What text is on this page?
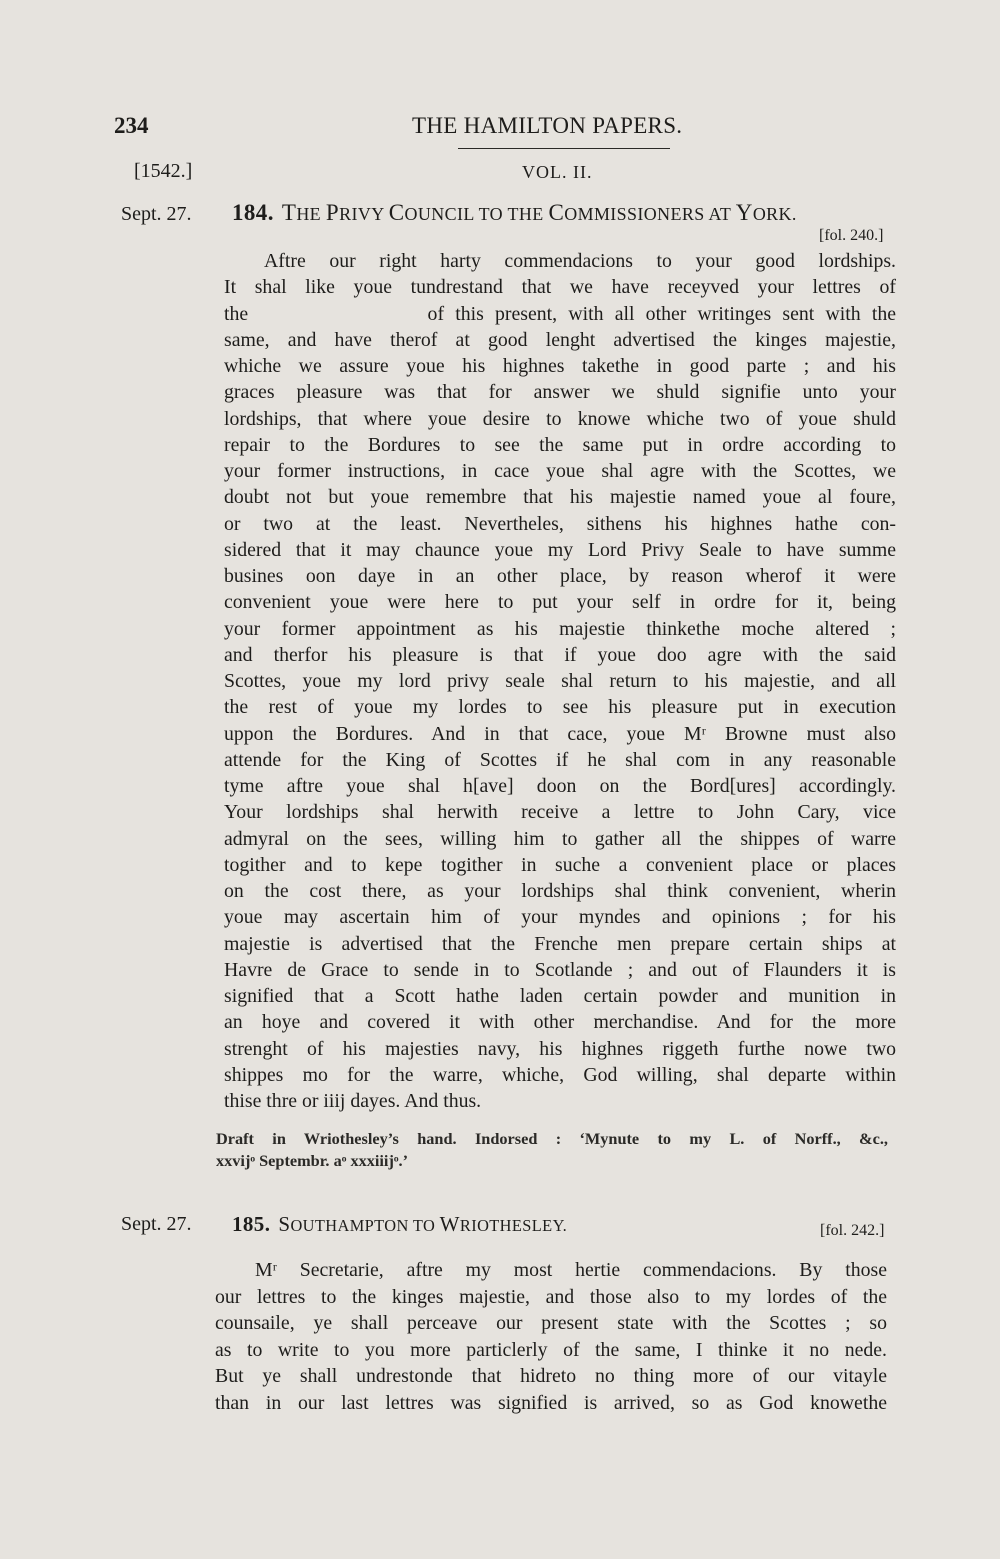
234	THE HAMILTON PAPERS.
[1542.]	VOL. II.
Sept. 27. 184. THE PRIVY COUNCIL TO THE COMMISSIONERS AT YORK.
[fol. 240.]
Aftre our right harty commendacions to your good lordships.
It shal like youe tundrestand that we have receyved your lettres of
the                of this present, with all other writinges sent with the
same, and have therof at good lenght advertised the kinges majestie,
whiche we assure youe his highnes takethe in good parte ; and his
graces pleasure was that for answer we shuld signifie unto your
lordships, that where youe desire to knowe whiche two of youe shuld
repair to the Bordures to see the same put in ordre according to
your former instructions, in cace youe shal agre with the Scottes, we
doubt not but youe remembre that his majestie named youe al foure,
or two at the least. Nevertheles, sithens his highnes hathe con-
sidered that it may chaunce youe my Lord Privy Seale to have summe
busines oon daye in an other place, by reason wherof it were
convenient youe were here to put your self in ordre for it, being
your former appointment as his majestie thinkethe moche altered ;
and therfor his pleasure is that if youe doo agre with the said
Scottes, youe my lord privy seale shal return to his majestie, and all
the rest of youe my lordes to see his pleasure put in execution
uppon the Bordures. And in that cace, youe Mʳ Browne must also
attende for the King of Scottes if he shal com in any reasonable
tyme aftre youe shal h[ave] doon on the Bord[ures] accordingly.
Your lordships shal herwith receive a lettre to John Cary, vice
admyral on the sees, willing him to gather all the shippes of warre
togither and to kepe togither in suche a convenient place or places
on the cost there, as your lordships shal think convenient, wherin
youe may ascertain him of your myndes and opinions ; for his
majestie is advertised that the Frenche men prepare certain ships at
Havre de Grace to sende in to Scotlande ; and out of Flaunders it is
signified that a Scott hathe laden certain powder and munition in
an hoye and covered it with other merchandise. And for the more
strenght of his majesties navy, his highnes riggeth furthe nowe two
shippes mo for the warre, whiche, God willing, shal departe within
thise thre or iiij dayes. And thus.
Draft in Wriothesley’s hand. Indorsed : ‘Mynute to my L. of Norff., &c.,
xxvijᵒ Septembr. aᵒ xxxiiijᵒ.’
Sept. 27. 185. SOUTHAMPTON TO WRIOTHESLEY.	[fol. 242.]
Mʳ Secretarie, aftre my most hertie commendacions. By those
our lettres to the kinges majestie, and those also to my lordes of the
counsaile, ye shall perceave our present state with the Scottes ; so
as to write to you more particlerly of the same, I thinke it no nede.
But ye shall undrestonde that hidreto no thing more of our vitayle
than in our last lettres was signified is arrived, so as God knowethe
